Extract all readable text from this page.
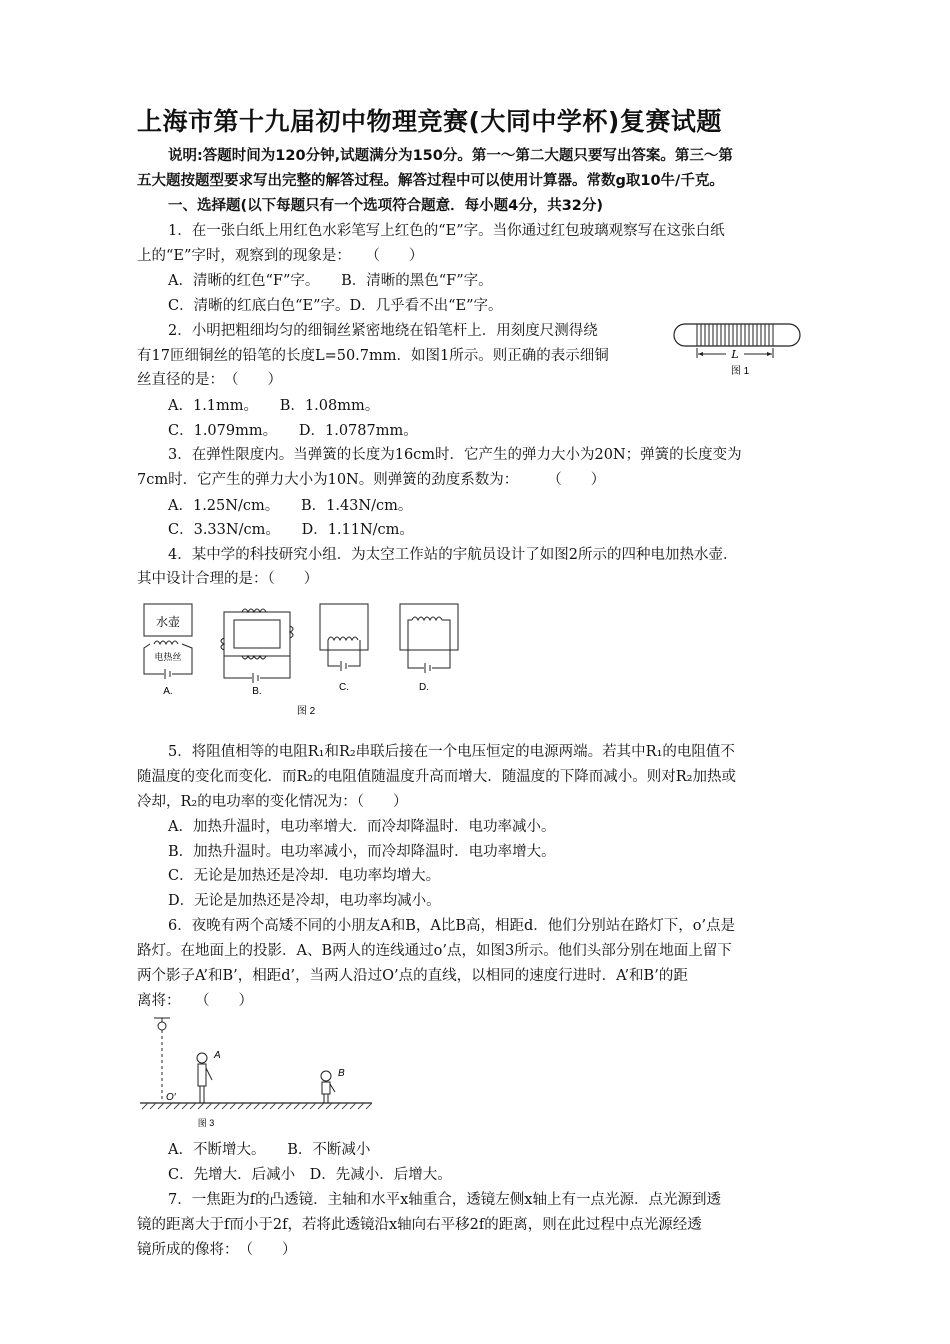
上海市第十九届初中物理竞赛(大同中学杯)复赛试题
说明:答题时间为120分钟,试题满分为150分。第一～第二大题只要写出答案。第三～第
五大题按题型要求写出完整的解答过程。解答过程中可以使用计算器。常数g取10牛/千克。
一、选择题(以下每题只有一个选项符合题意．每小题4分，共32分)
1．在一张白纸上用红色水彩笔写上红色的“E”字。当你通过红包玻璃观察写在这张白纸
上的“E”字时，观察到的现象是：　　（　　）
A．清晰的红色“F”字。　　B．清晰的黑色“F”字。
C．清晰的红底白色“E”字。D．几乎看不出“E”字。
2．小明把粗细均匀的细铜丝紧密地绕在铅笔杆上．用刻度尺测得绕
有17匝细铜丝的铅笔的长度L=50.7mm．如图1所示。则正确的表示细铜
丝直径的是：　（　　）
A．1.1mm。　　B．1.08mm。
C．1.079mm。　　D．1.0787mm。
L
图 1
3．在弹性限度内。当弹簧的长度为16cm时．它产生的弹力大小为20N；弹簧的长度变为
7cm时．它产生的弹力大小为10N。则弹簧的劲度系数为：　　　（　　）
A．1.25N/cm。　　B．1.43N/cm。
C．3.33N/cm。　　D．1.11N/cm。
4．某中学的科技研究小组．为太空工作站的宇航员设计了如图2所示的四种电加热水壶．
其中设计合理的是：（　　）
水壶
电热丝
A.	B.	C.	D.
图 2
5．将阻值相等的电阻R₁和R₂串联后接在一个电压恒定的电源两端。若其中R₁的电阻值不
随温度的变化而变化．而R₂的电阻值随温度升高而增大．随温度的下降而减小。则对R₂加热或
冷却，R₂的电功率的变化情况为：（　　）
A．加热升温时，电功率增大．而冷却降温时．电功率减小。
B．加热升温时。电功率减小，而冷却降温时．电功率增大。
C．无论是加热还是冷却．电功率均增大。
D．无论是加热还是冷却，电功率均减小。
6．夜晚有两个高矮不同的小朋友A和B，A比B高，相距d．他们分别站在路灯下，o’点是
路灯。在地面上的投影．A、B两人的连线通过o’点，如图3所示。他们头部分别在地面上留下
两个影子A’和B’，相距d’，当两人沿过O’点的直线，以相同的速度行进时．A’和B’的距
离将：　　（　　）
O′
A
B
图 3
A．不断增大。　　B．不断减小
C．先增大．后减小　D．先减小．后增大。
7．一焦距为f的凸透镜．主轴和水平x轴重合，透镜左侧x轴上有一点光源．点光源到透
镜的距离大于f而小于2f，若将此透镜沿x轴向右平移2f的距离，则在此过程中点光源经透
镜所成的像将：　（　　）
